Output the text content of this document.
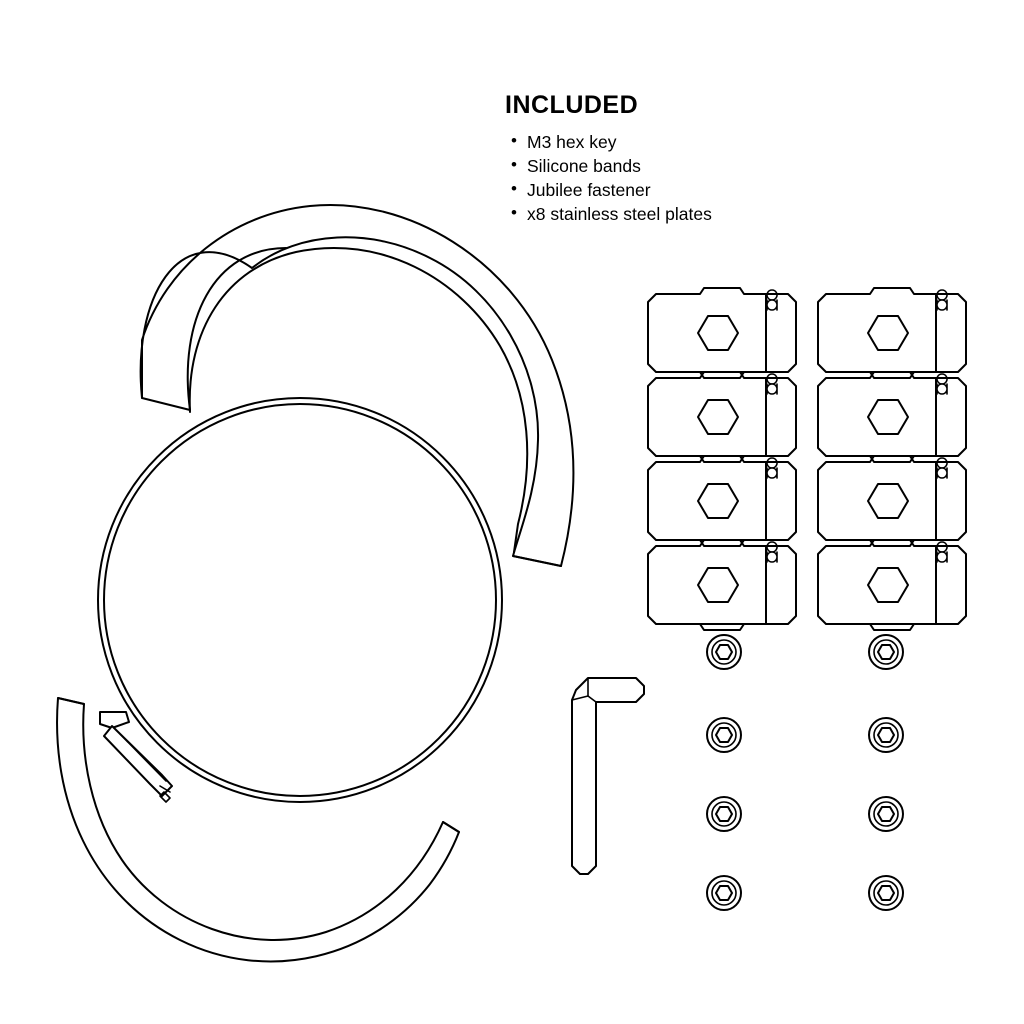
INCLUDED
• M3 hex key
• Silicone bands
• Jubilee fastener
• x8 stainless steel plates
